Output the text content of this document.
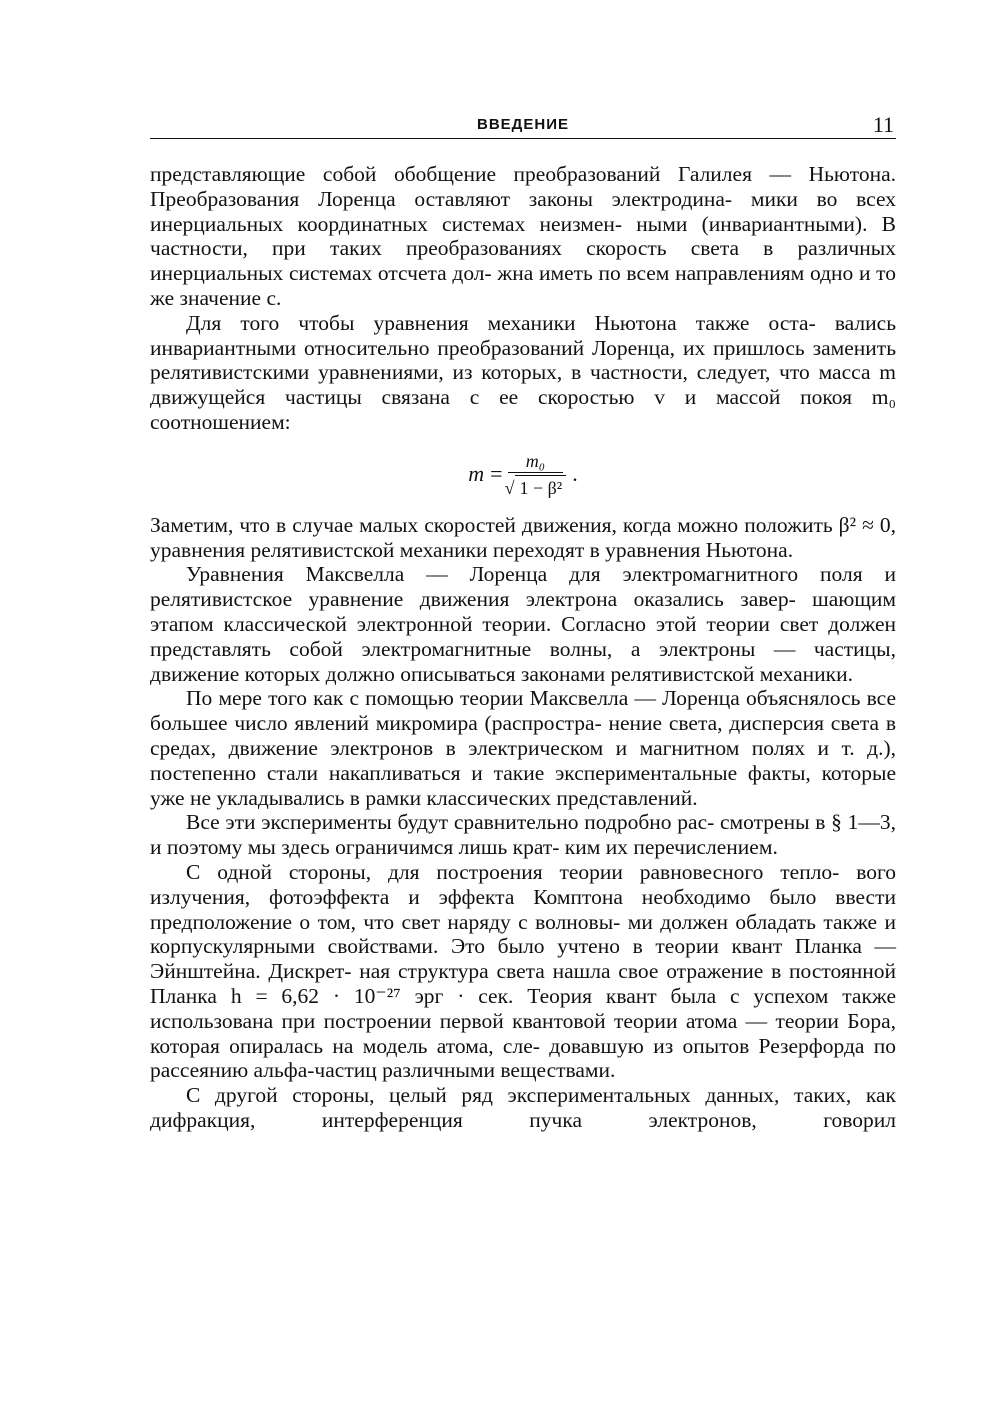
ВВЕДЕНИЕ	11

представляющие собой обобщение преобразований Галилея — Ньютона. Преобразования Лоренца оставляют законы электродина- мики во всех инерциальных координатных системах неизмен- ными (инвариантными). В частности, при таких преобразованиях скорость света в различных инерциальных системах отсчета дол- жна иметь по всем направлениям одно и то же значение c.

Для того чтобы уравнения механики Ньютона также оста- вались инвариантными относительно преобразований Лоренца, их пришлось заменить релятивистскими уравнениями, из которых, в частности, следует, что масса m движущейся частицы связана с ее скоростью v и массой покоя m₀ соотношением:

$m = \frac{\text{m₀}}{\text{√ 1 − β²}}$ .

Заметим, что в случае малых скоростей движения, когда можно положить β² ≈ 0, уравнения релятивистской механики переходят в уравнения Ньютона.

Уравнения Максвелла — Лоренца для электромагнитного поля и релятивистское уравнение движения электрона оказались завер- шающим этапом классической электронной теории. Согласно этой теории свет должен представлять собой электромагнитные волны, а электроны — частицы, движение которых должно описываться законами релятивистской механики.

По мере того как с помощью теории Максвелла — Лоренца объяснялось все большее число явлений микромира (распростра- нение света, дисперсия света в средах, движение электронов в электрическом и магнитном полях и т. д.), постепенно стали накапливаться и такие экспериментальные факты, которые уже не укладывались в рамки классических представлений.

Все эти эксперименты будут сравнительно подробно рас- смотрены в § 1—3, и поэтому мы здесь ограничимся лишь крат- ким их перечислением.

С одной стороны, для построения теории равновесного тепло- вого излучения, фотоэффекта и эффекта Комптона необходимо было ввести предположение о том, что свет наряду с волновы- ми должен обладать также и корпускулярными свойствами. Это было учтено в теории квант Планка — Эйнштейна. Дискрет- ная структура света нашла свое отражение в постоянной Планка h = 6,62 · 10⁻²⁷ эрг · сек. Теория квант была с успехом также использована при построении первой квантовой теории атома — теории Бора, которая опиралась на модель атома, сле- довавшую из опытов Резерфорда по рассеянию альфа-частиц различными веществами.

С другой стороны, целый ряд экспериментальных данных, таких, как дифракция, интерференция пучка электронов, говорил
